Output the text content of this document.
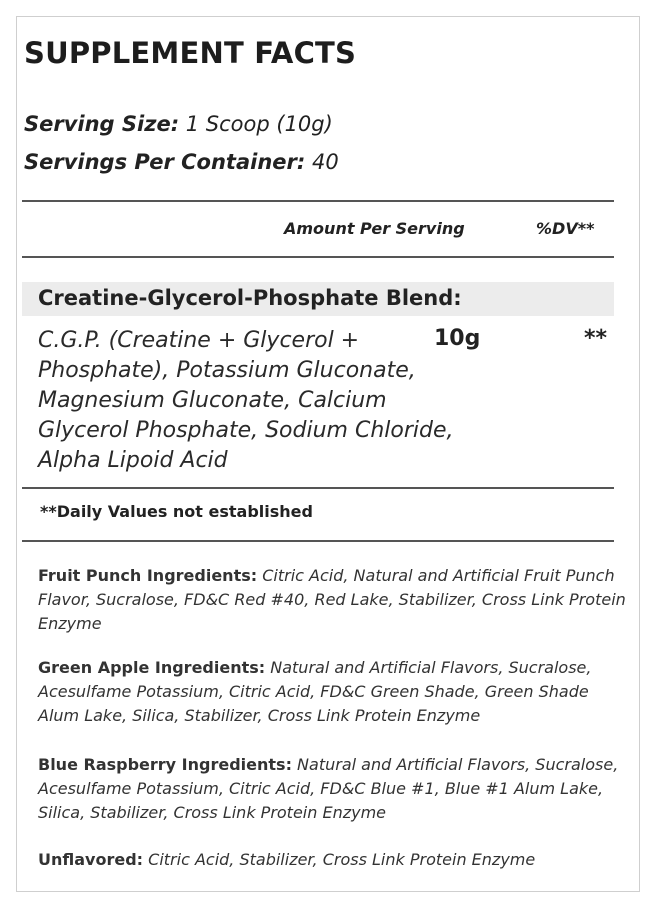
SUPPLEMENT FACTS
Serving Size: 1 Scoop (10g)
Servings Per Container: 40
Amount Per Serving	%DV**
Creatine-Glycerol-Phosphate Blend:

C.G.P. (Creatine + Glycerol + Phosphate), Potassium Gluconate, Magnesium Gluconate, Calcium Glycerol Phosphate, Sodium Chloride, Alpha Lipoid Acid

10g	**
**Daily Values not established

Fruit Punch Ingredients: Citric Acid, Natural and Artificial Fruit Punch Flavor, Sucralose, FD&C Red #40, Red Lake, Stabilizer, Cross Link Protein Enzyme

Green Apple Ingredients: Natural and Artificial Flavors, Sucralose, Acesulfame Potassium, Citric Acid, FD&C Green Shade, Green Shade Alum Lake, Silica, Stabilizer, Cross Link Protein Enzyme

Blue Raspberry Ingredients: Natural and Artificial Flavors, Sucralose, Acesulfame Potassium, Citric Acid, FD&C Blue #1, Blue #1 Alum Lake, Silica, Stabilizer, Cross Link Protein Enzyme

Unflavored: Citric Acid, Stabilizer, Cross Link Protein Enzyme
